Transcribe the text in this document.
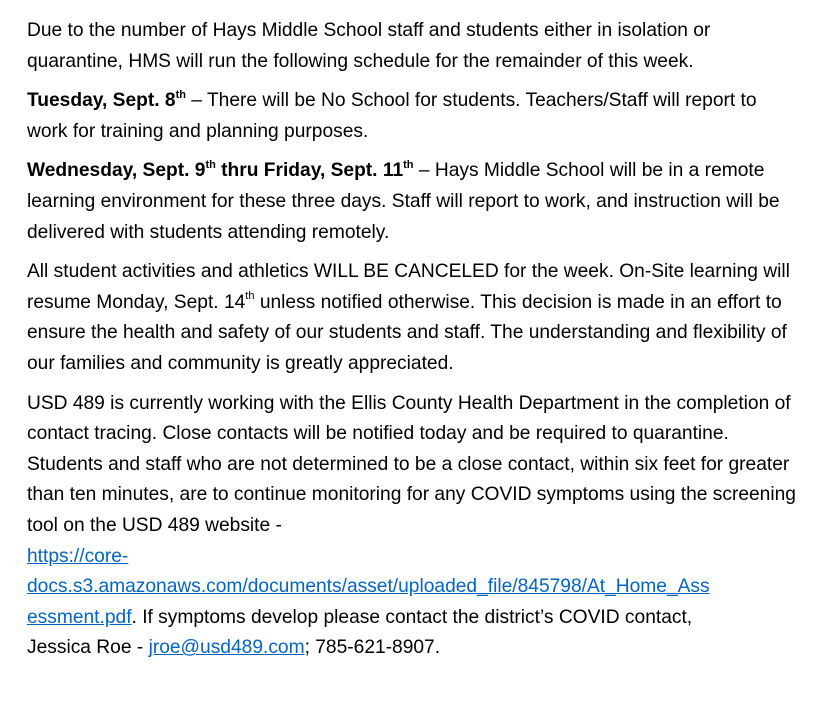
Due to the number of Hays Middle School staff and students either in isolation or quarantine, HMS will run the following schedule for the remainder of this week.

Tuesday, Sept. 8th – There will be No School for students. Teachers/Staff will report to work for training and planning purposes.

Wednesday, Sept. 9th thru Friday, Sept. 11th – Hays Middle School will be in a remote learning environment for these three days. Staff will report to work, and instruction will be delivered with students attending remotely.

All student activities and athletics WILL BE CANCELED for the week. On-Site learning will resume Monday, Sept. 14th unless notified otherwise. This decision is made in an effort to ensure the health and safety of our students and staff. The understanding and flexibility of our families and community is greatly appreciated.

USD 489 is currently working with the Ellis County Health Department in the completion of contact tracing. Close contacts will be notified today and be required to quarantine. Students and staff who are not determined to be a close contact, within six feet for greater than ten minutes, are to continue monitoring for any COVID symptoms using the screening tool on the USD 489 website -
https://core-
docs.s3.amazonaws.com/documents/asset/uploaded_file/845798/At_Home_Ass
essment.pdf. If symptoms develop please contact the district’s COVID contact,
Jessica Roe - jroe@usd489.com; 785-621-8907.
